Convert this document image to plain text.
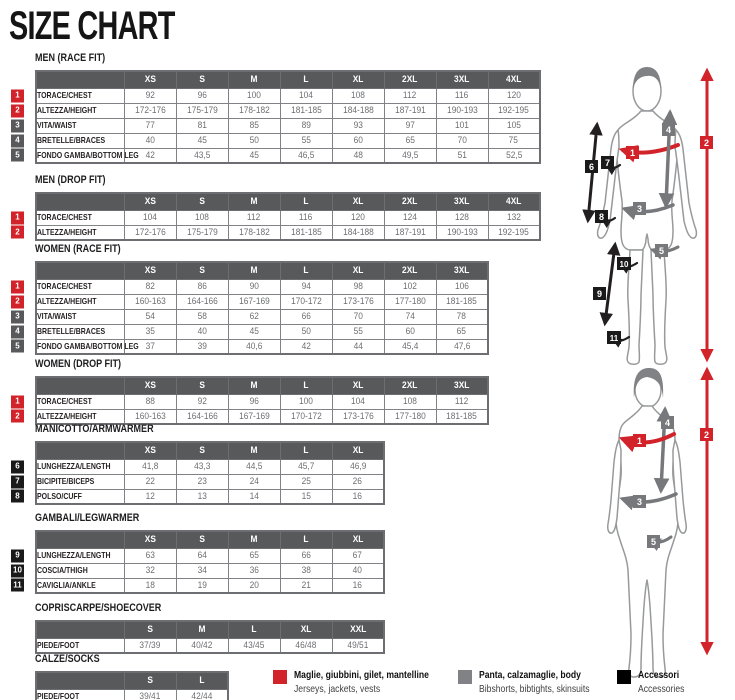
SIZE CHART
MEN (RACE FIT)
	XS	S	M	L	XL	2XL	3XL	4XL

1 TORACE/CHEST	92	96	100	104	108	112	116	120

2 ALTEZZA/HEIGHT	172-176	175-179	178-182	181-185	184-188	187-191	190-193	192-195

3 VITA/WAIST	77	81	85	89	93	97	101	105

4 BRETELLE/BRACES	40	45	50	55	60	65	70	75

5 FONDO GAMBA/BOTTOM LEG	42	43,5	45	46,5	48	49,5	51	52,5
MEN (DROP FIT)
	XS	S	M	L	XL	2XL	3XL	4XL

1 TORACE/CHEST	104	108	112	116	120	124	128	132

2 ALTEZZA/HEIGHT	172-176	175-179	178-182	181-185	184-188	187-191	190-193	192-195
WOMEN (RACE FIT)
	XS	S	M	L	XL	2XL	3XL

1 TORACE/CHEST	82	86	90	94	98	102	106

2 ALTEZZA/HEIGHT	160-163	164-166	167-169	170-172	173-176	177-180	181-185

3 VITA/WAIST	54	58	62	66	70	74	78

4 BRETELLE/BRACES	35	40	45	50	55	60	65

5 FONDO GAMBA/BOTTOM LEG	37	39	40,6	42	44	45,4	47,6
WOMEN (DROP FIT)
	XS	S	M	L	XL	2XL	3XL

1 TORACE/CHEST	88	92	96	100	104	108	112

2 ALTEZZA/HEIGHT	160-163	164-166	167-169	170-172	173-176	177-180	181-185
MANICOTTO/ARMWARMER
	XS	S	M	L	XL

6 LUNGHEZZA/LENGTH	41,8	43,3	44,5	45,7	46,9

7 BICIPITE/BICEPS	22	23	24	25	26

8 POLSO/CUFF	12	13	14	15	16
GAMBALI/LEGWARMER
	XS	S	M	L	XL

9 LUNGHEZZA/LENGTH	63	64	65	66	67

10 COSCIA/THIGH	32	34	36	38	40

11 CAVIGLIA/ANKLE	18	19	20	21	16
COPRISCARPE/SHOECOVER
	S	M	L	XL	XXL
PIEDE/FOOT	37/39	40/42	43/45	46/48	49/51
CALZE/SOCKS
	S	L
PIEDE/FOOT	39/41	42/44
1
2
3
4
5
6 7
8
9
10
11
1
2
3
4
5
Maglie, giubbini, gilet, mantelline
Jerseys, jackets, vests
Panta, calzamaglie, body
Bibshorts, bibtights, skinsuits
Accessori
Accessories
